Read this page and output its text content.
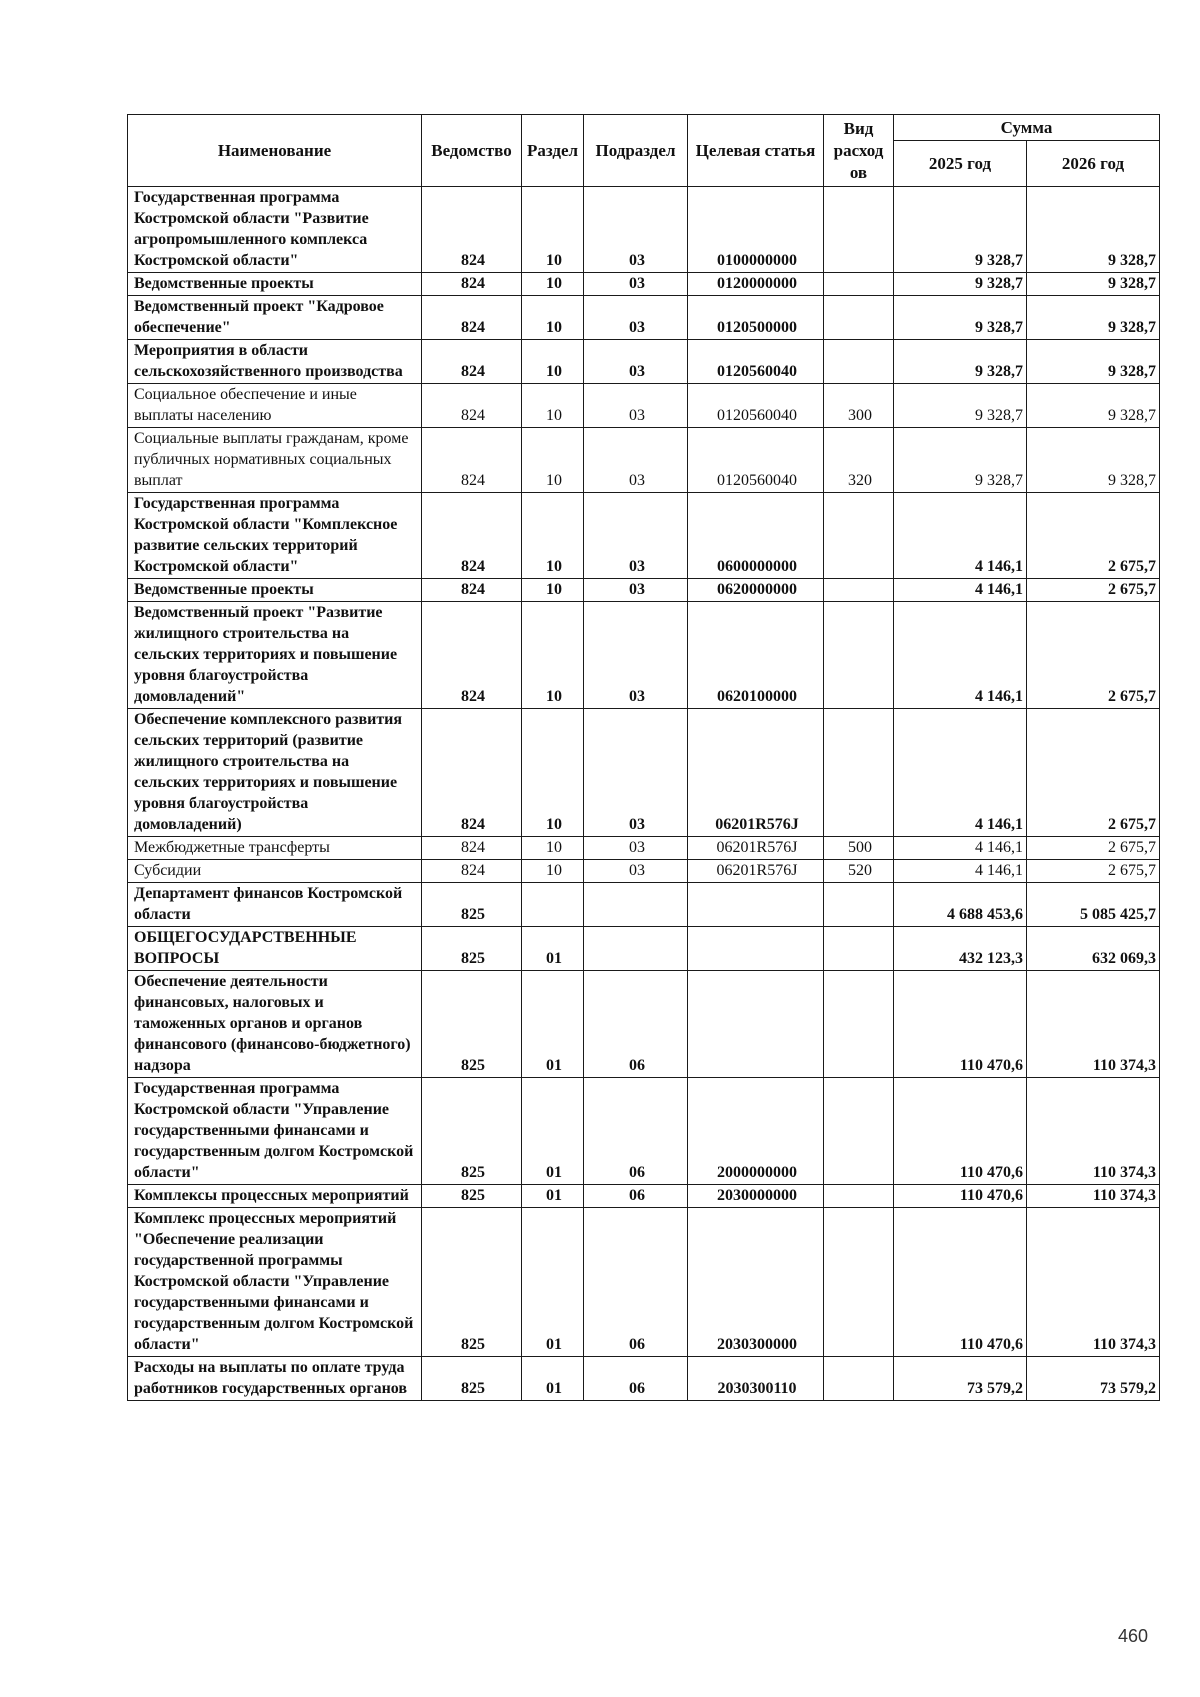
Наименование	Ведомство	Раздел	Подраздел	Целевая статья	Вид расход ов	Сумма	
						2025 год	2026 год
Государственная программа Костромской области "Развитие агропромышленного комплекса Костромской области"	824	10	03	0100000000		9 328,7	9 328,7
Ведомственные проекты	824	10	03	0120000000		9 328,7	9 328,7
Ведомственный проект "Кадровое обеспечение"	824	10	03	0120500000		9 328,7	9 328,7
Мероприятия в области сельскохозяйственного производства	824	10	03	0120560040		9 328,7	9 328,7
Социальное обеспечение и иные выплаты населению	824	10	03	0120560040	300	9 328,7	9 328,7
Социальные выплаты гражданам, кроме публичных нормативных социальных выплат	824	10	03	0120560040	320	9 328,7	9 328,7
Государственная программа Костромской области "Комплексное развитие сельских территорий Костромской области"	824	10	03	0600000000		4 146,1	2 675,7
Ведомственные проекты	824	10	03	0620000000		4 146,1	2 675,7
Ведомственный проект "Развитие жилищного строительства на сельских территориях и повышение уровня благоустройства домовладений"	824	10	03	0620100000		4 146,1	2 675,7
Обеспечение комплексного развития сельских территорий (развитие жилищного строительства на сельских территориях и повышение уровня благоустройства домовладений)	824	10	03	06201R576J		4 146,1	2 675,7
Межбюджетные трансферты	824	10	03	06201R576J	500	4 146,1	2 675,7
Субсидии	824	10	03	06201R576J	520	4 146,1	2 675,7
Департамент финансов Костромской области	825					4 688 453,6	5 085 425,7
ОБЩЕГОСУДАРСТВЕННЫЕ ВОПРОСЫ	825	01				432 123,3	632 069,3
Обеспечение деятельности финансовых, налоговых и таможенных органов и органов финансового (финансово-бюджетного) надзора	825	01	06			110 470,6	110 374,3
Государственная программа Костромской области "Управление государственными финансами и государственным долгом Костромской области"	825	01	06	2000000000		110 470,6	110 374,3
Комплексы процессных мероприятий	825	01	06	2030000000		110 470,6	110 374,3
Комплекс процессных мероприятий "Обеспечение реализации государственной программы Костромской области "Управление государственными финансами и государственным долгом Костромской области"	825	01	06	2030300000		110 470,6	110 374,3
Расходы на выплаты по оплате труда работников государственных органов	825	01	06	2030300110		73 579,2	73 579,2
460
